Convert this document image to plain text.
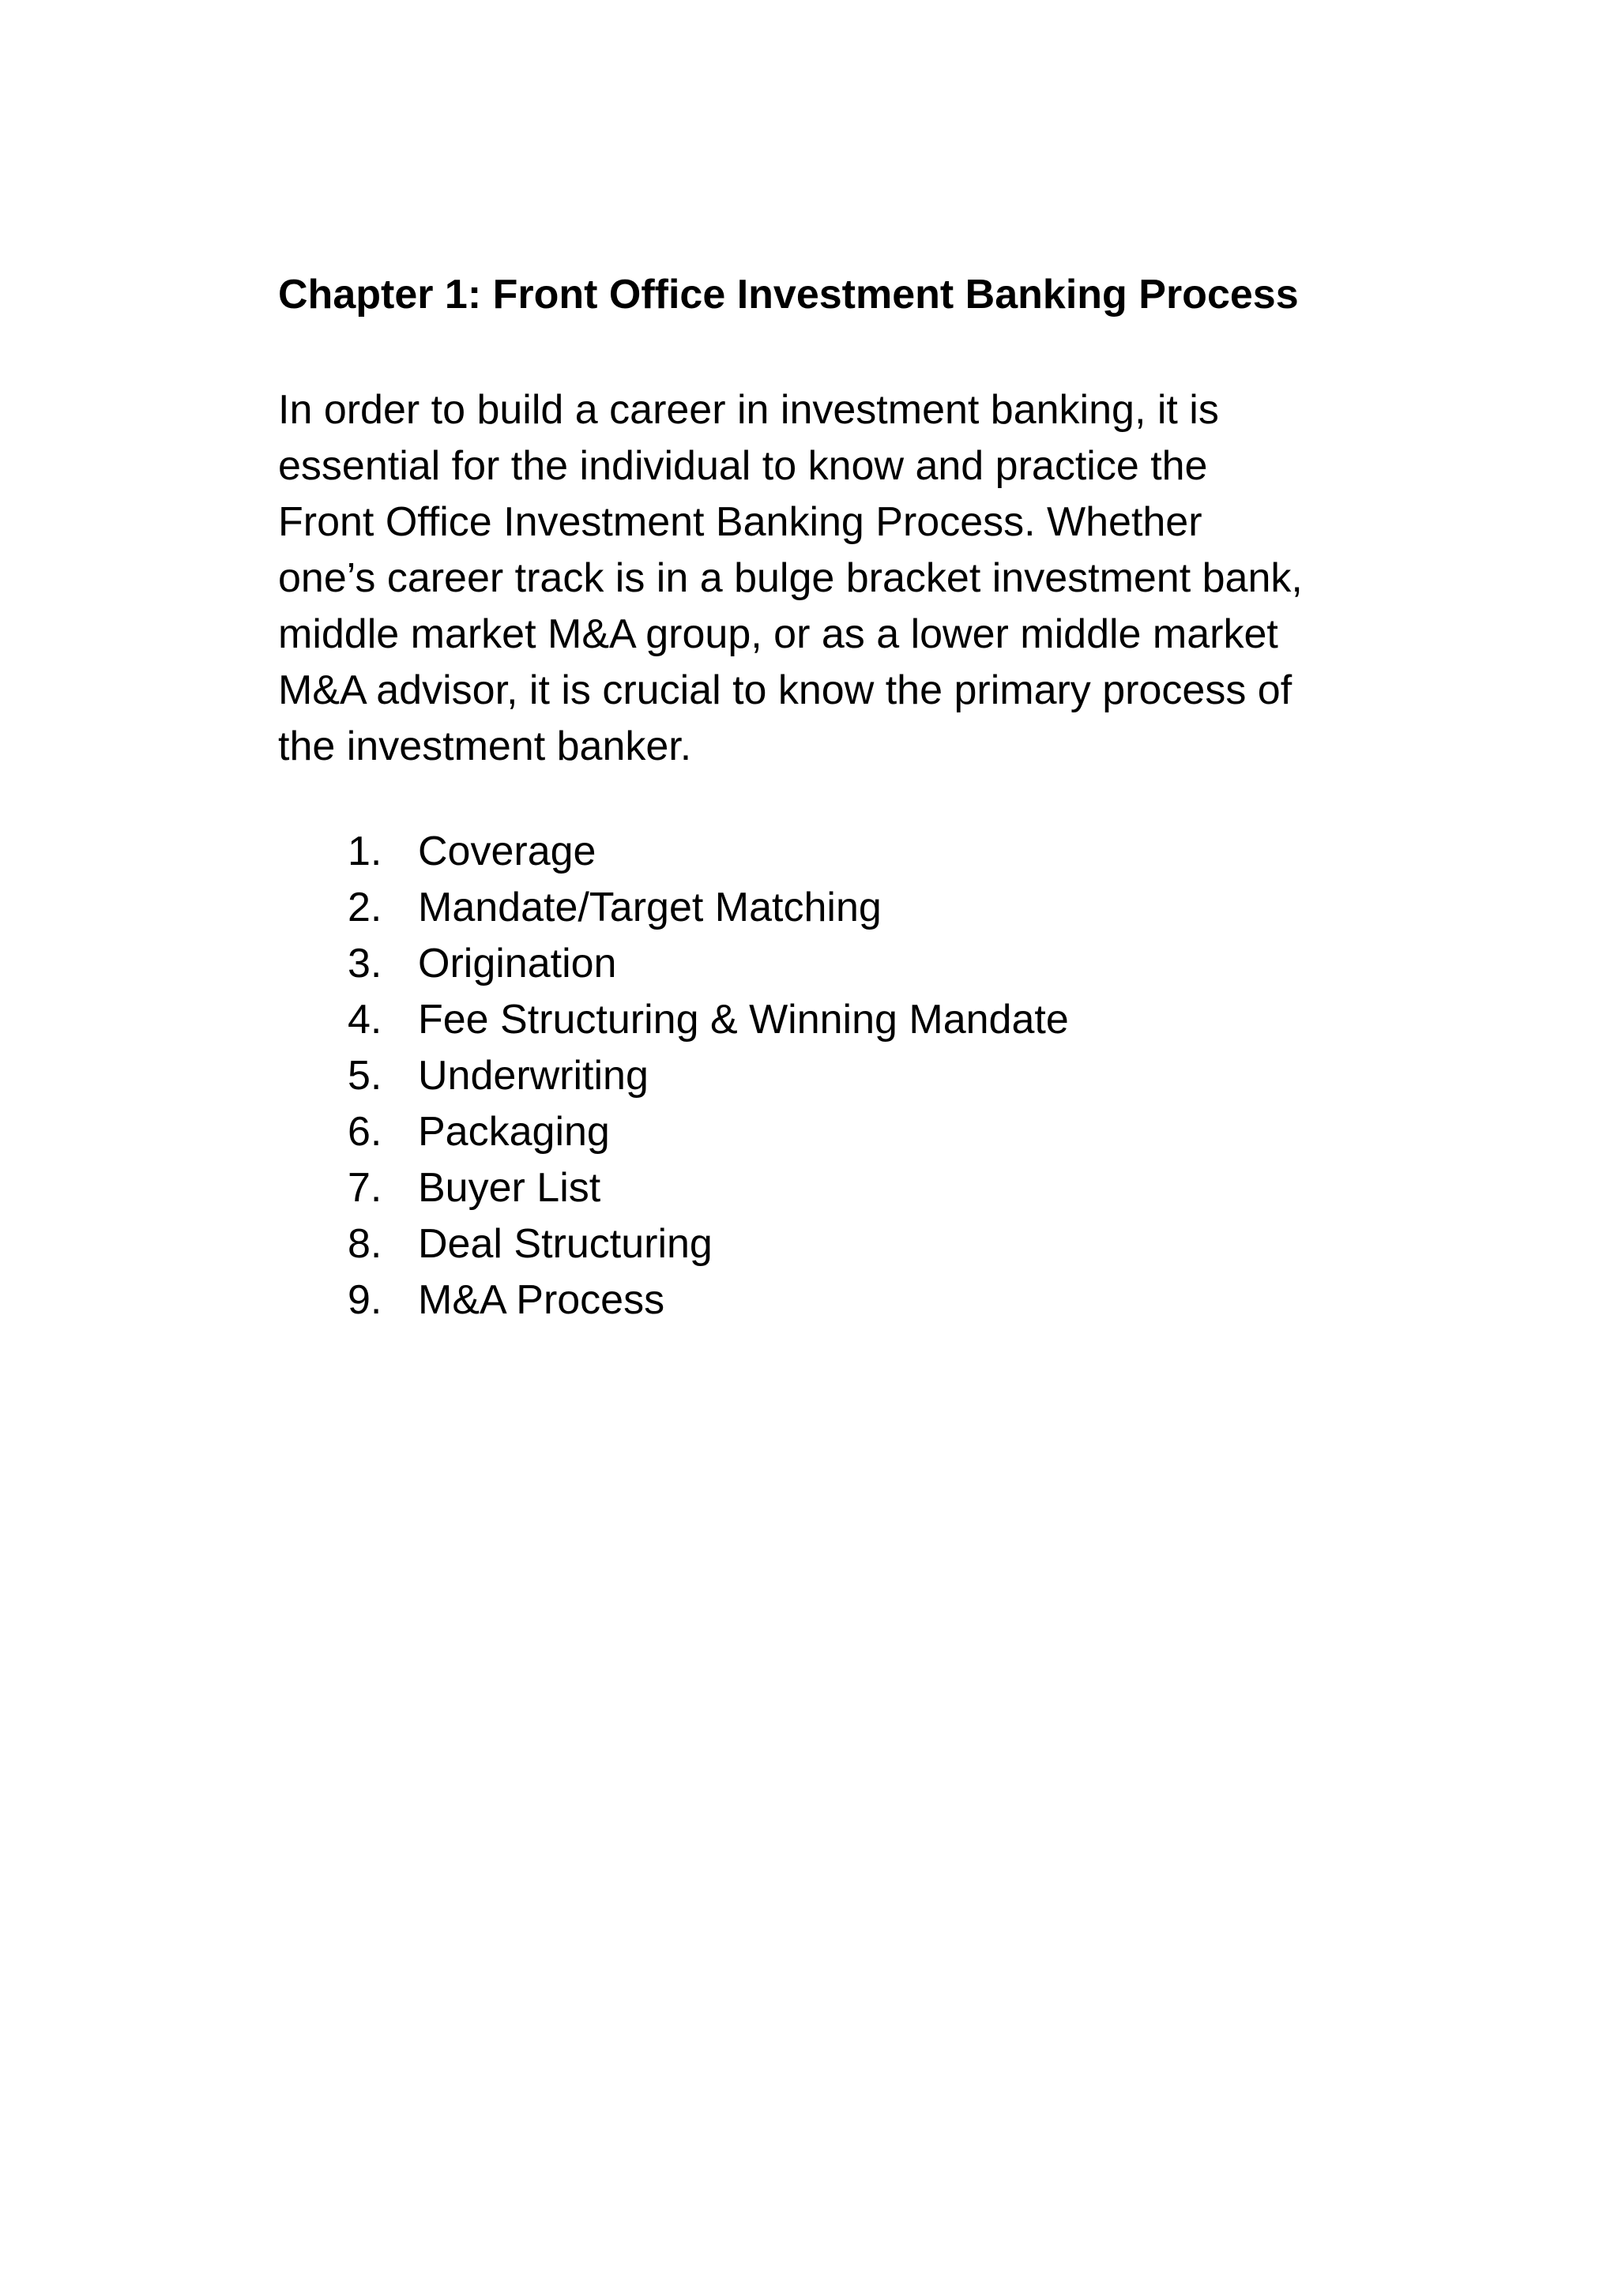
Chapter 1: Front Office Investment Banking Process

In order to build a career in investment banking, it is
essential for the individual to know and practice the
Front Office Investment Banking Process. Whether
one’s career track is in a bulge bracket investment bank,
middle market M&A group, or as a lower middle market
M&A advisor, it is crucial to know the primary process of
the investment banker.

1. Coverage
2. Mandate/Target Matching
3. Origination
4. Fee Structuring & Winning Mandate
5. Underwriting
6. Packaging
7. Buyer List
8. Deal Structuring
9. M&A Process
